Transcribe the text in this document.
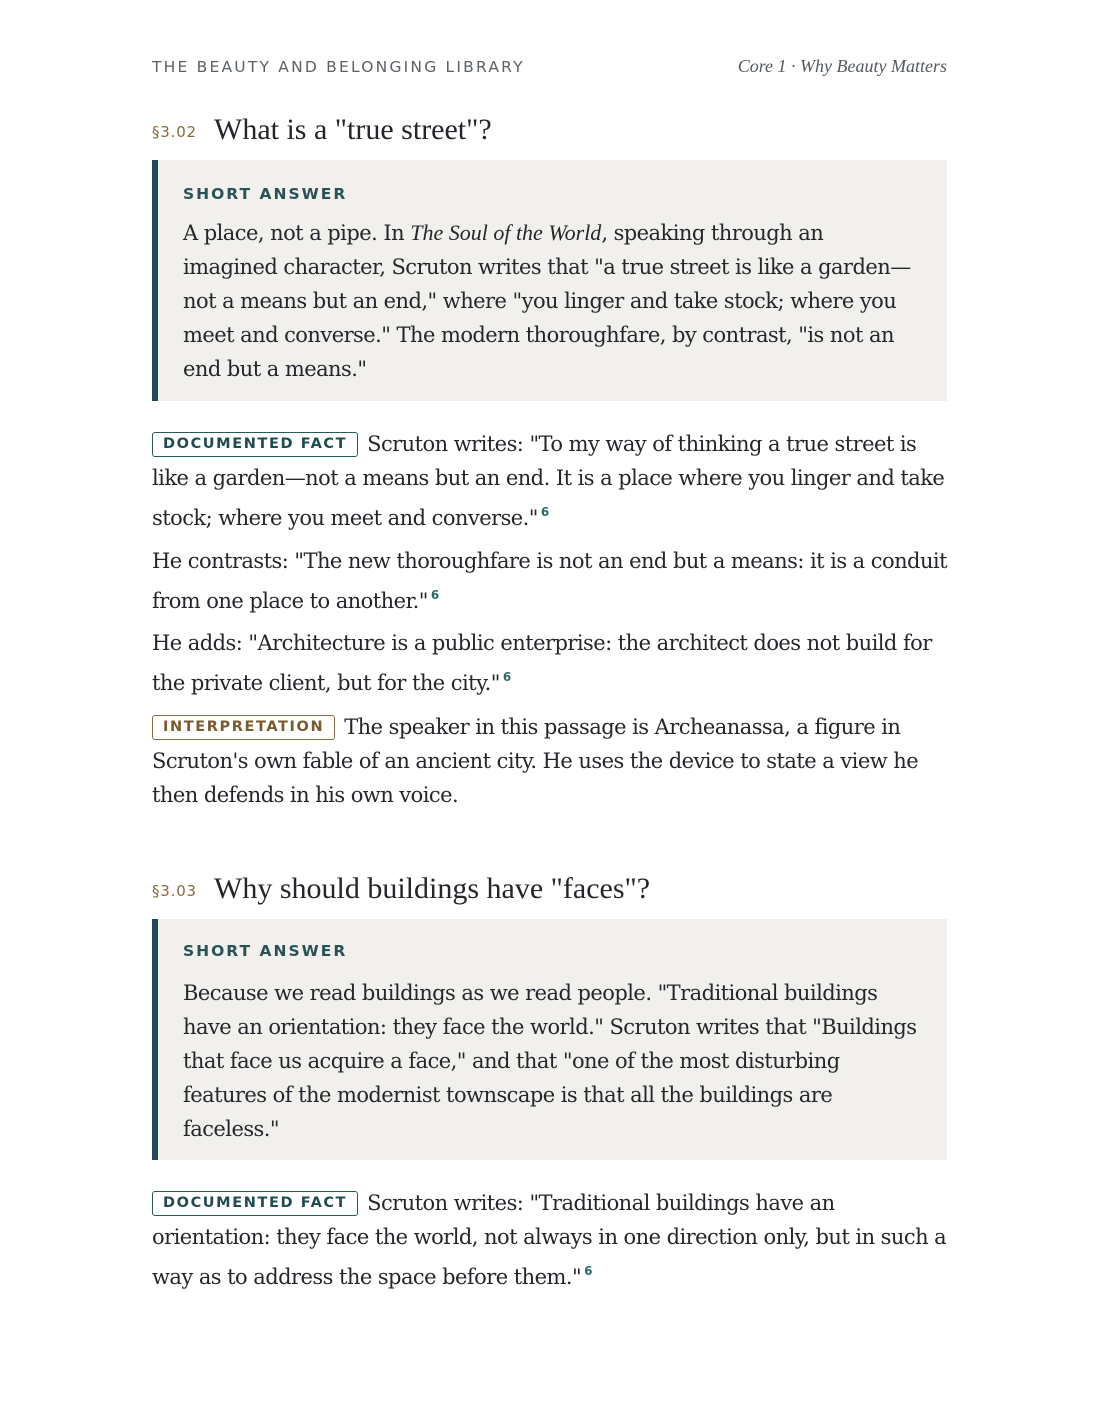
THE BEAUTY AND BELONGING LIBRARY	Core 1 · Why Beauty Matters
§3.02 What is a "true street"?
SHORT ANSWER
A place, not a pipe. In The Soul of the World, speaking through an imagined character, Scruton writes that "a true street is like a garden—not a means but an end," where "you linger and take stock; where you meet and converse." The modern thoroughfare, by contrast, "is not an end but a means."
DOCUMENTED FACT Scruton writes: "To my way of thinking a true street is like a garden—not a means but an end. It is a place where you linger and take stock; where you meet and converse." $^6$
He contrasts: "The new thoroughfare is not an end but a means: it is a conduit from one place to another." $^6$
He adds: "Architecture is a public enterprise: the architect does not build for the private client, but for the city." $^6$
INTERPRETATION The speaker in this passage is Archeanassa, a figure in Scruton's own fable of an ancient city. He uses the device to state a view he then defends in his own voice.
§3.03 Why should buildings have "faces"?
SHORT ANSWER
Because we read buildings as we read people. "Traditional buildings have an orientation: they face the world." Scruton writes that "Buildings that face us acquire a face," and that "one of the most disturbing features of the modernist townscape is that all the buildings are faceless."
DOCUMENTED FACT Scruton writes: "Traditional buildings have an orientation: they face the world, not always in one direction only, but in such a way as to address the space before them." $^6$
